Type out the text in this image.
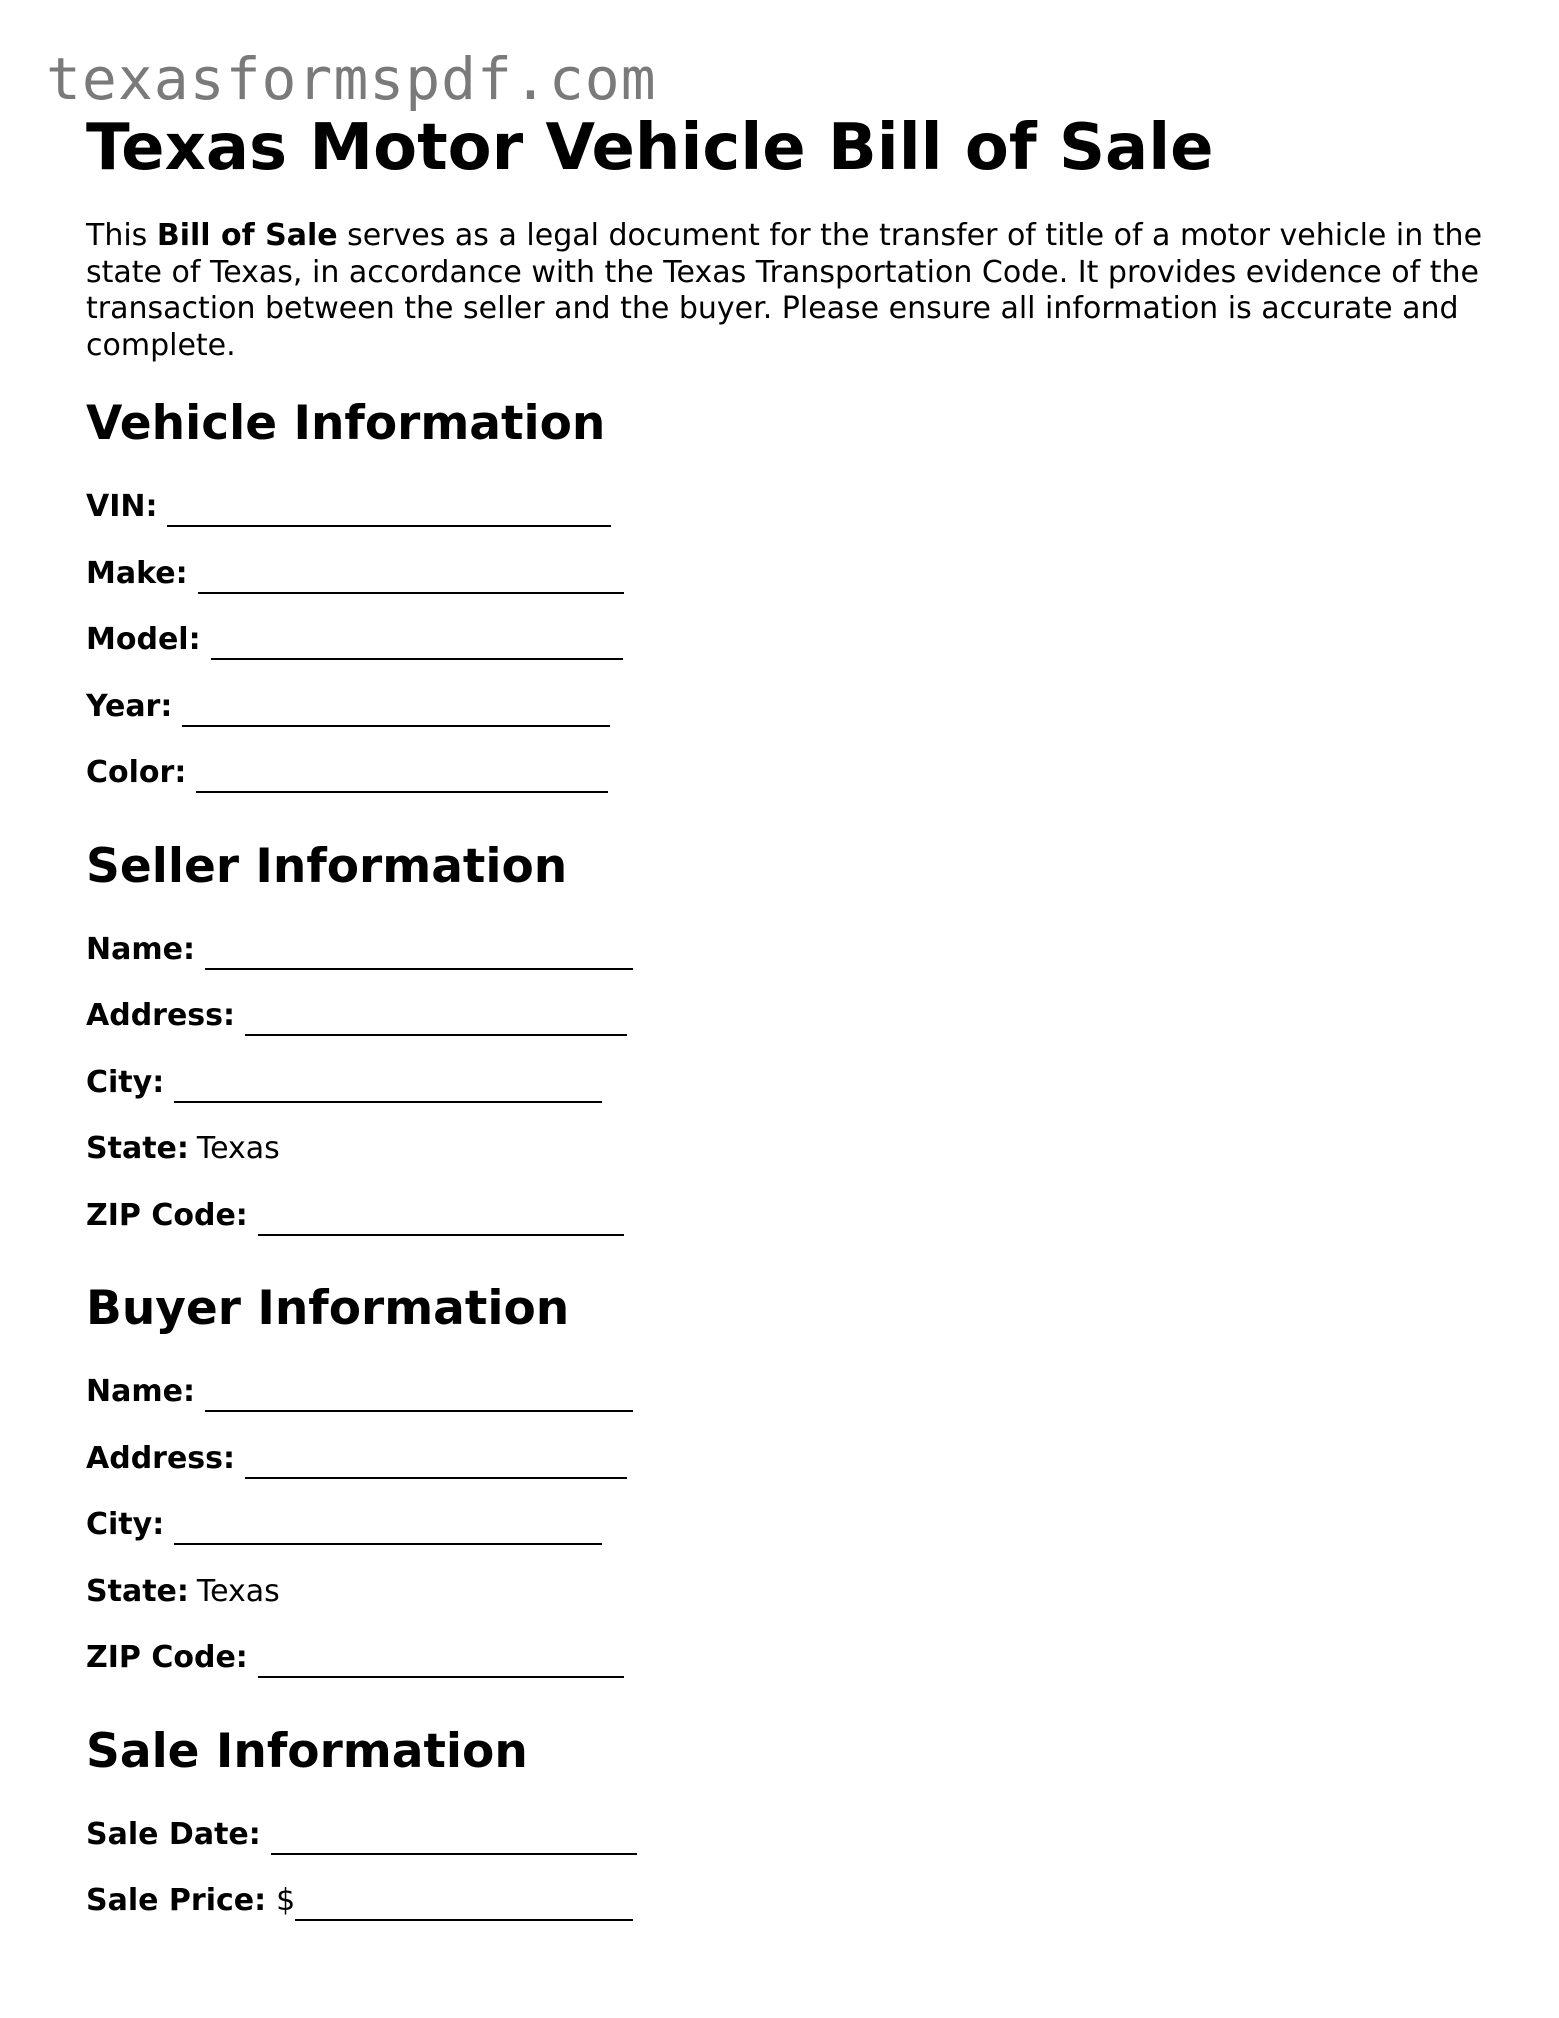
texasformspdf.com
Texas Motor Vehicle Bill of Sale

This Bill of Sale serves as a legal document for the transfer of title of a motor vehicle in the state of Texas, in accordance with the Texas Transportation Code. It provides evidence of the transaction between the seller and the buyer. Please ensure all information is accurate and complete.

Vehicle Information
VIN:
Make:
Model:
Year:
Color:
Seller Information
Name:
Address:
City:
State: Texas
ZIP Code:
Buyer Information
Name:
Address:
City:
State: Texas
ZIP Code:
Sale Information
Sale Date:
Sale Price: $
